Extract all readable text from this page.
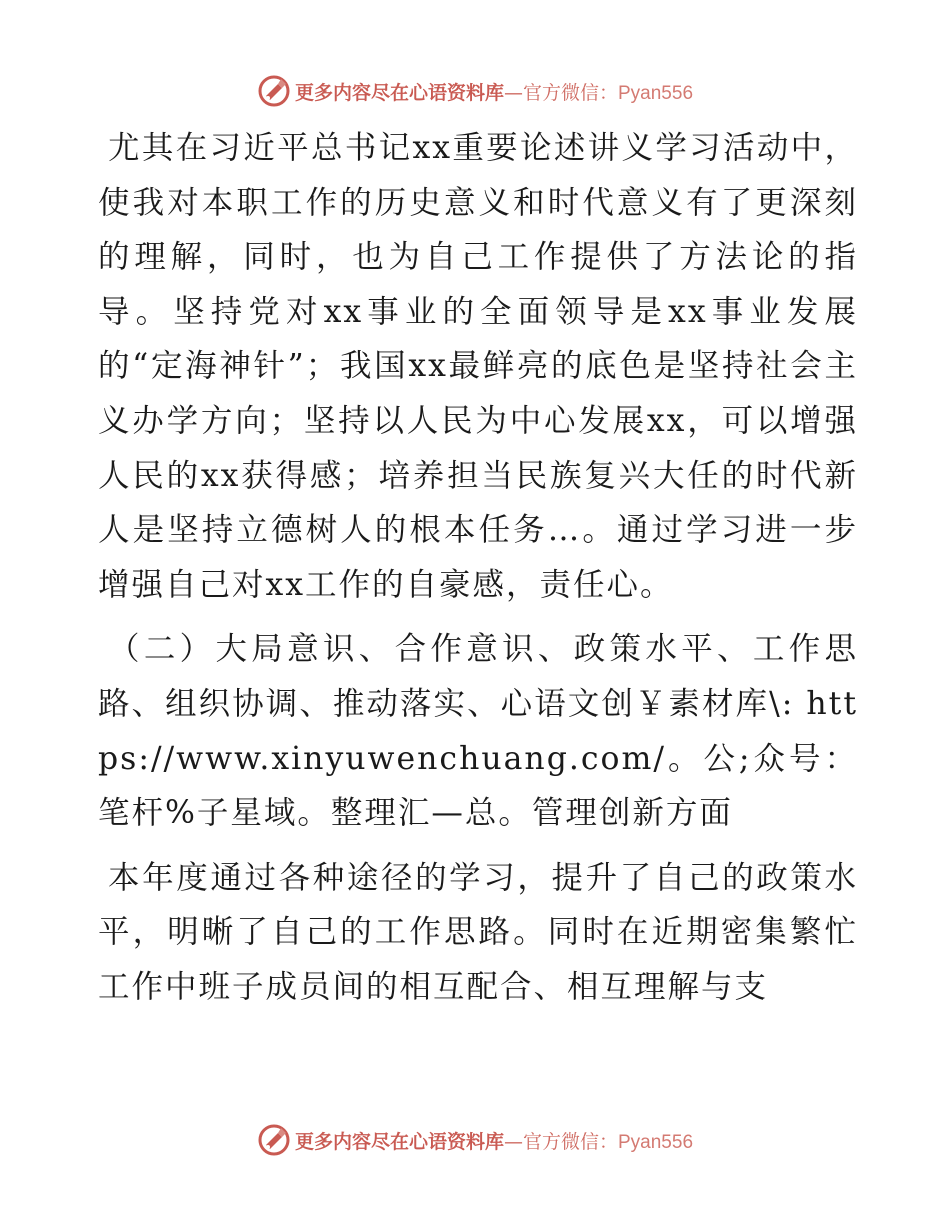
更多内容尽在心语资料库—官方微信：Pyan556

尤其在习近平总书记xx重要论述讲义学习活动中，使我对本职工作的历史意义和时代意义有了更深刻的理解，同时，也为自己工作提供了方法论的指导。坚持党对xx事业的全面领导是xx事业发展的“定海神针”；我国xx最鲜亮的底色是坚持社会主义办学方向；坚持以人民为中心发展xx，可以增强人民的xx获得感；培养担当民族复兴大任的时代新人是坚持立德树人的根本任务…。通过学习进一步增强自己对xx工作的自豪感，责任心。

（二）大局意识、合作意识、政策水平、工作思路、组织协调、推动落实、心语文创￥素材库\: https://www.xinyuwenchuang.com/。公;众号：笔杆%子星域。整理汇—总。管理创新方面

本年度通过各种途径的学习，提升了自己的政策水平，明晰了自己的工作思路。同时在近期密集繁忙工作中班子成员间的相互配合、相互理解与支

更多内容尽在心语资料库—官方微信：Pyan556
